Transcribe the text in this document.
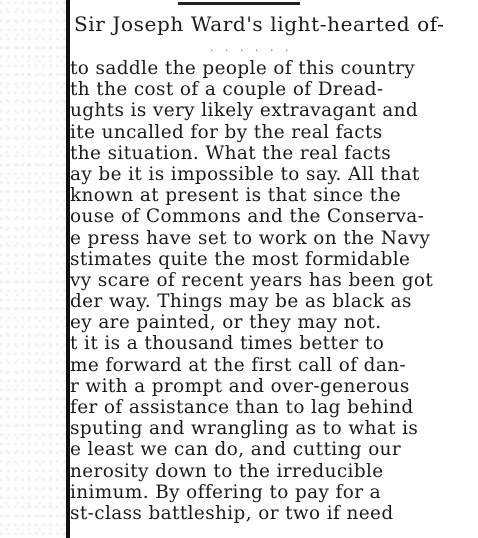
Sir Joseph Ward's light-hearted of-
· · · · · ·
to saddle the people of this country
th the cost of a couple of Dread-
ughts is very likely extravagant and
ite uncalled for by the real facts
the situation. What the real facts
ay be it is impossible to say. All that
known at present is that since the
ouse of Commons and the Conserva-
e press have set to work on the Navy
stimates quite the most formidable
vy scare of recent years has been got
der way. Things may be as black as
ey are painted, or they may not.
t it is a thousand times better to
me forward at the first call of dan-
r with a prompt and over-generous
fer of assistance than to lag behind
sputing and wrangling as to what is
e least we can do, and cutting our
nerosity down to the irreducible
inimum. By offering to pay for a
st-class battleship, or two if need
